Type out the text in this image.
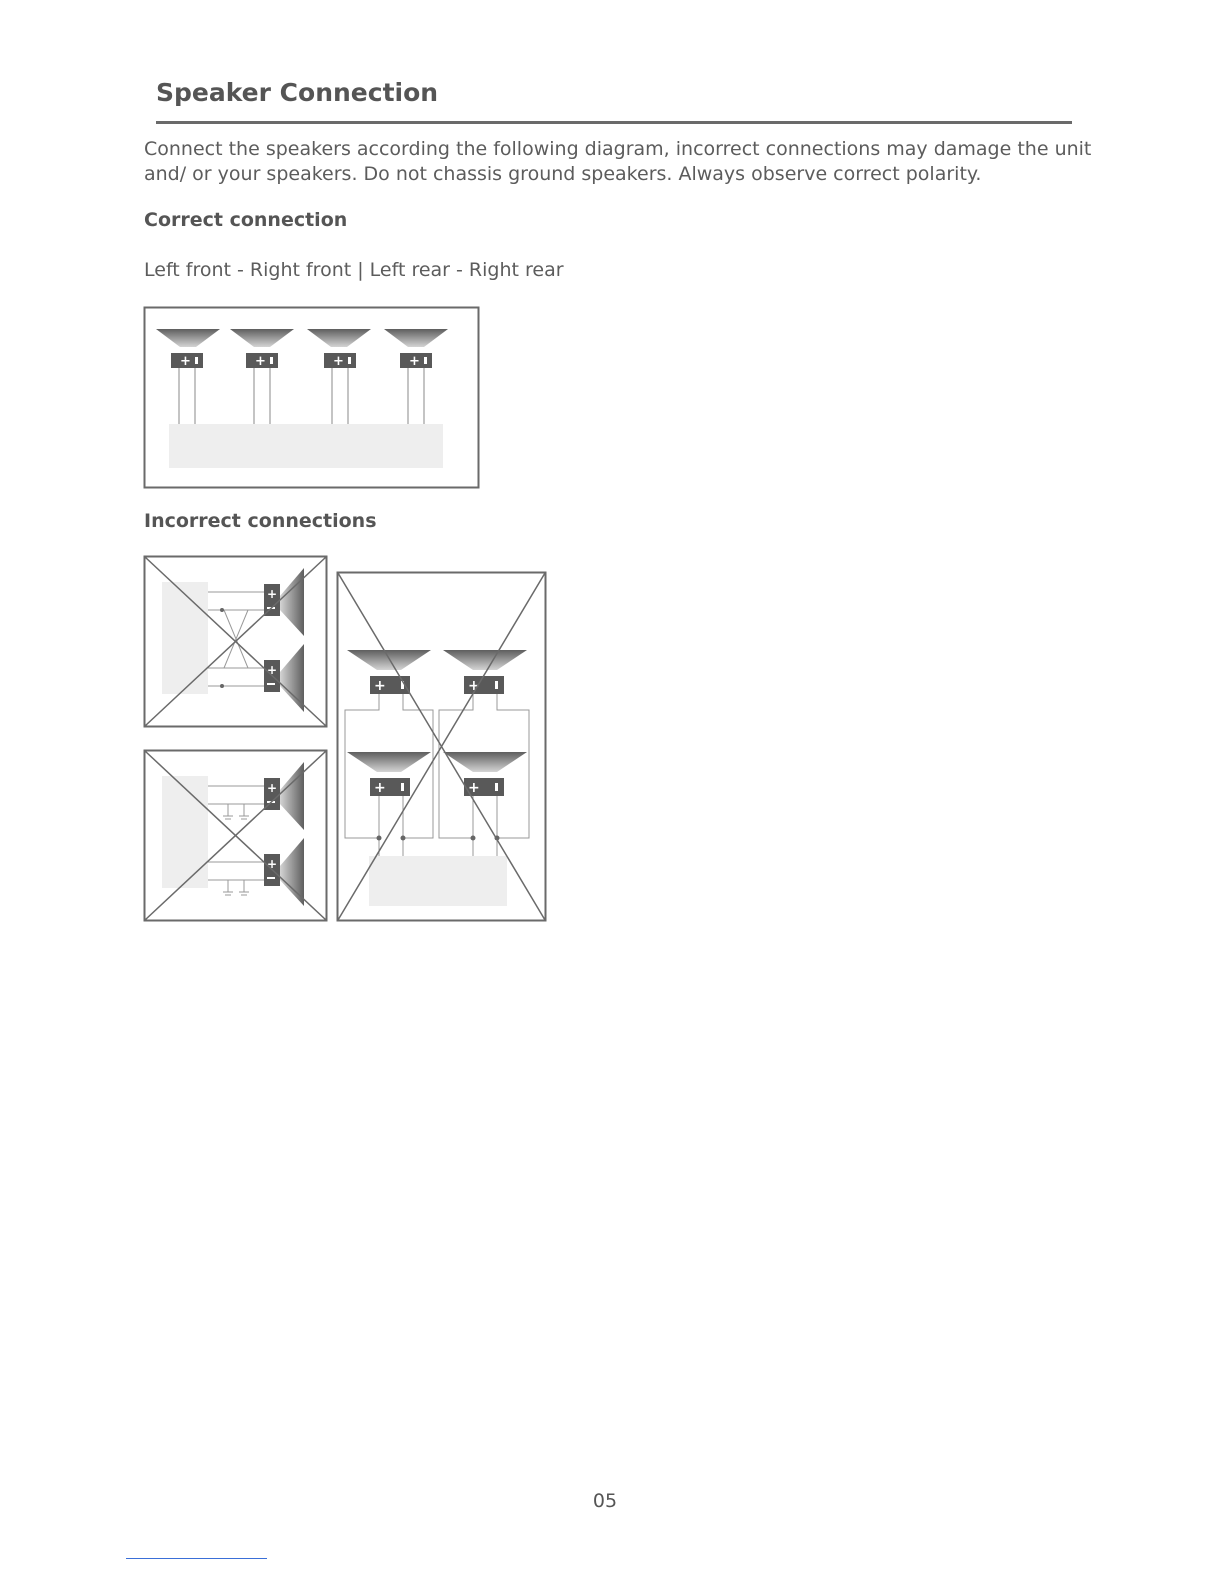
Speaker Connection

Connect the speakers according the following diagram, incorrect connections may damage the unit and/ or your speakers. Do not chassis ground speakers. Always observe correct polarity.

Correct connection

Left front - Right front | Left rear - Right rear

+	+	+	+
Incorrect connections
+
+
+
+
+	+
+	+
05
